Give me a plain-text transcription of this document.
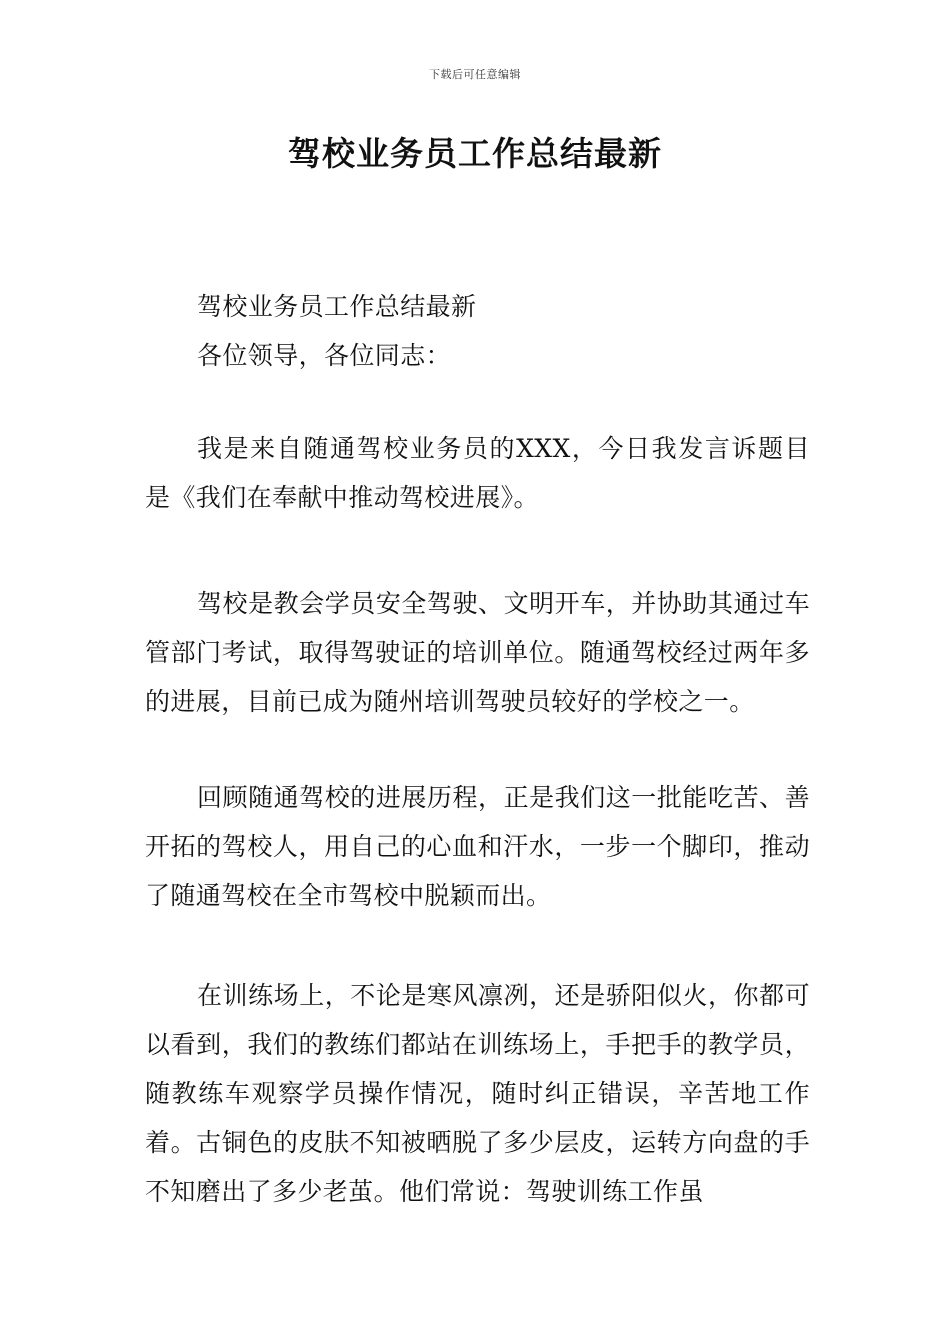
下载后可任意编辑
驾校业务员工作总结最新
驾校业务员工作总结最新
各位领导，各位同志：

我是来自随通驾校业务员的XXX，今日我发言诉题目是《我们在奉献中推动驾校进展》。

驾校是教会学员安全驾驶、文明开车，并协助其通过车管部门考试，取得驾驶证的培训单位。随通驾校经过两年多的进展，目前已成为随州培训驾驶员较好的学校之一。

回顾随通驾校的进展历程，正是我们这一批能吃苦、善开拓的驾校人，用自己的心血和汗水，一步一个脚印，推动了随通驾校在全市驾校中脱颖而出。

在训练场上，不论是寒风凛冽，还是骄阳似火，你都可以看到，我们的教练们都站在训练场上，手把手的教学员，随教练车观察学员操作情况，随时纠正错误，辛苦地工作着。古铜色的皮肤不知被晒脱了多少层皮，运转方向盘的手不知磨出了多少老茧。他们常说：驾驶训练工作虽
